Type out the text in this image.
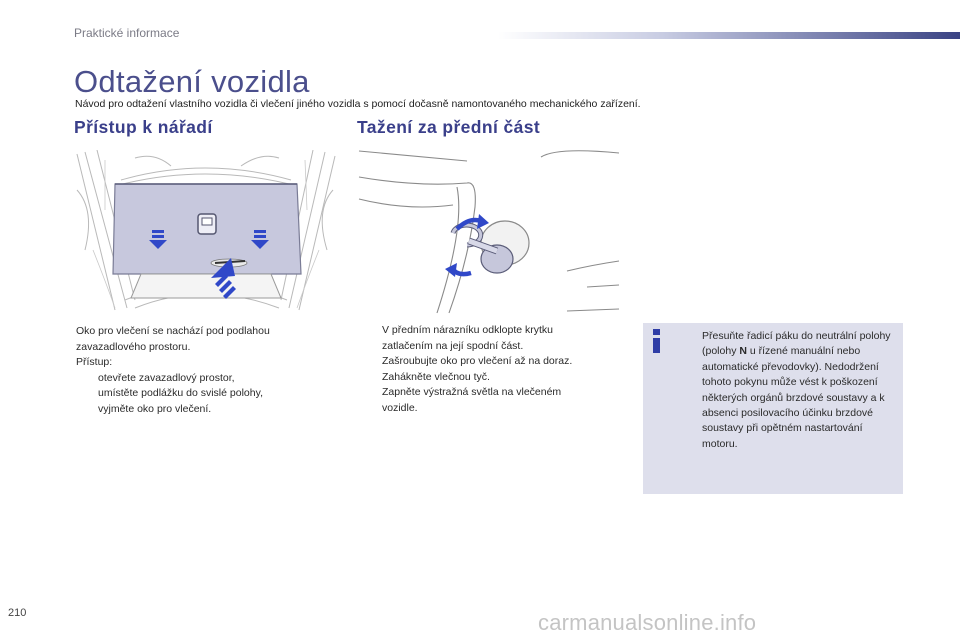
Praktické informace
Odtažení vozidla
Návod pro odtažení vlastního vozidla či vlečení jiného vozidla s pomocí dočasně namontovaného mechanického zařízení.
Přístup k nářadí	Tažení za přední část

Oko pro vlečení se nachází pod podlahou

zavazadlového prostoru.

Přístup:

otevřete zavazadlový prostor,
umístěte podlážku do svislé polohy,
vyjměte oko pro vlečení.
V předním nárazníku odklopte krytku
zatlačením na její spodní část.
Zašroubujte oko pro vlečení až na doraz.
Zahákněte vlečnou tyč.
Zapněte výstražná světla na vlečeném
vozidle.
Přesuňte řadicí páku do neutrální polohy (polohy N u řízené manuální nebo automatické převodovky). Nedodržení tohoto pokynu může vést k poškození některých orgánů brzdové soustavy a k absenci posilovacího účinku brzdové soustavy při opětném nastartování motoru.
210	carmanualsonline.info
